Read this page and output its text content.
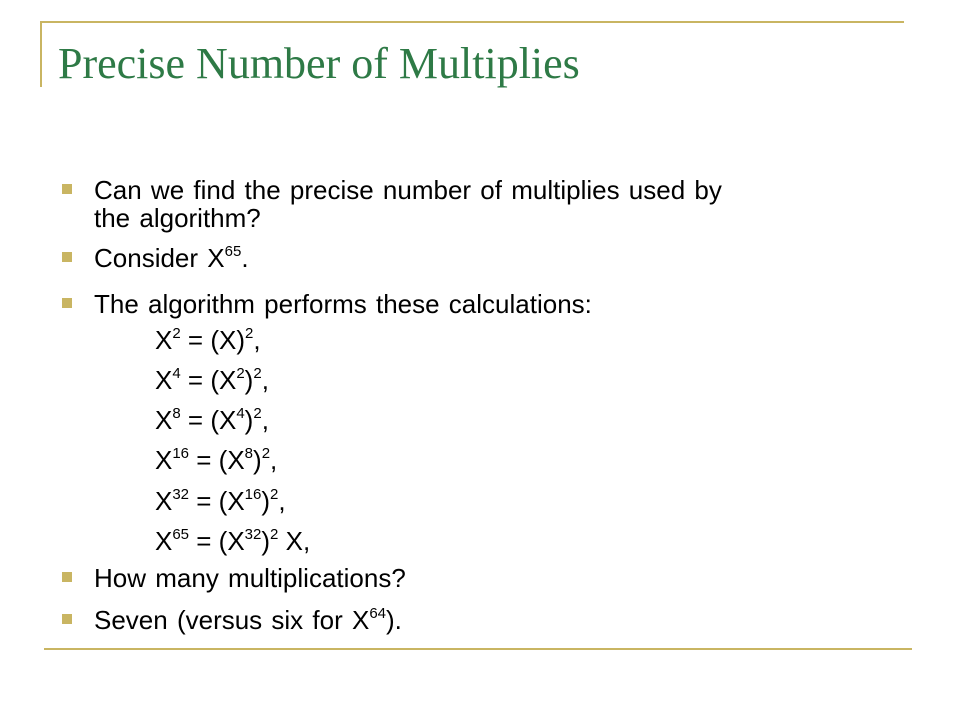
Precise Number of Multiplies
Can we find the precise number of multiplies used by
the algorithm?
Consider $X^{65}$.
The algorithm performs these calculations:
$X^2 = (X)^2$,
$X^4 = (X^2)^2$,
$X^8 = (X^4)^2$,
$X^{16} = (X^8)^2$,
$X^{32} = (X^{16})^2$,
$X^{65} = (X^{32})^2$ X,
How many multiplications?
Seven (versus six for $X^{64}$).
